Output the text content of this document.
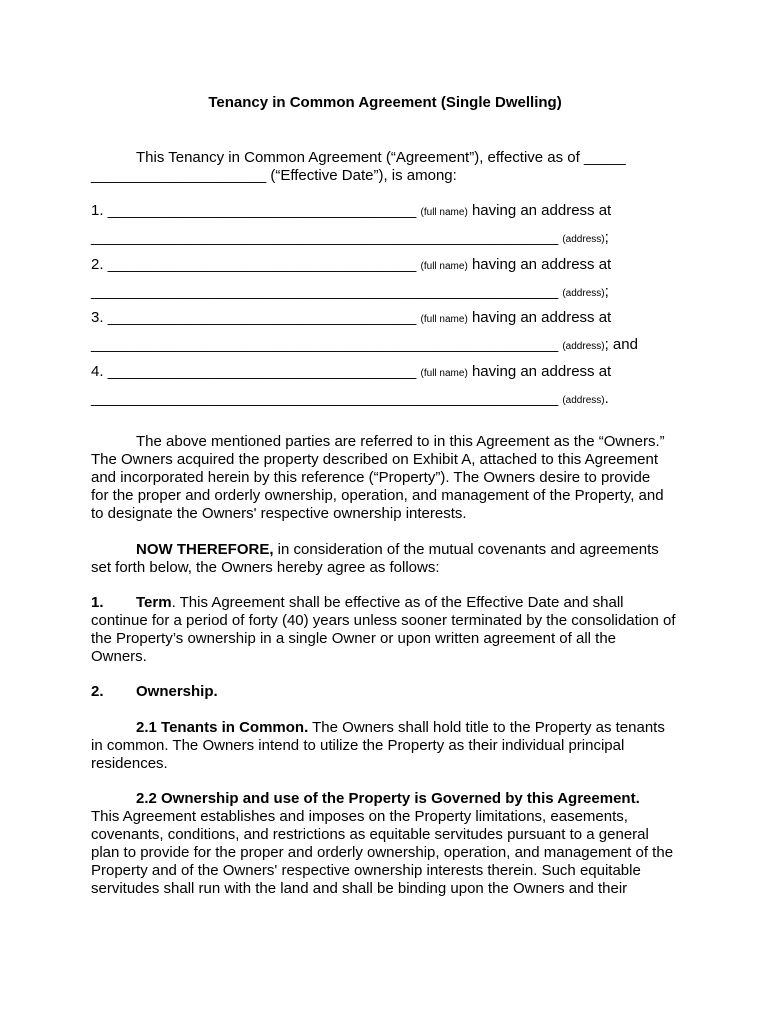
Tenancy in Common Agreement (Single Dwelling)
This Tenancy in Common Agreement (“Agreement”), effective as of _____
_____________________ (“Effective Date”), is among:
1. _____________________________________ (full name) having an address at
________________________________________________________ (address);
2. _____________________________________ (full name) having an address at
________________________________________________________ (address);
3. _____________________________________ (full name) having an address at
________________________________________________________ (address); and
4. _____________________________________ (full name) having an address at
________________________________________________________ (address).
The above mentioned parties are referred to in this Agreement as the “Owners.”
The Owners acquired the property described on Exhibit A, attached to this Agreement
and incorporated herein by this reference (“Property”). The Owners desire to provide
for the proper and orderly ownership, operation, and management of the Property, and
to designate the Owners' respective ownership interests.
NOW THEREFORE, in consideration of the mutual covenants and agreements
set forth below, the Owners hereby agree as follows:
1. Term. This Agreement shall be effective as of the Effective Date and shall
continue for a period of forty (40) years unless sooner terminated by the consolidation of
the Property’s ownership in a single Owner or upon written agreement of all the
Owners.
2. Ownership.
2.1 Tenants in Common. The Owners shall hold title to the Property as tenants
in common. The Owners intend to utilize the Property as their individual principal
residences.
2.2 Ownership and use of the Property is Governed by this Agreement.
This Agreement establishes and imposes on the Property limitations, easements,
covenants, conditions, and restrictions as equitable servitudes pursuant to a general
plan to provide for the proper and orderly ownership, operation, and management of the
Property and of the Owners' respective ownership interests therein. Such equitable
servitudes shall run with the land and shall be binding upon the Owners and their
